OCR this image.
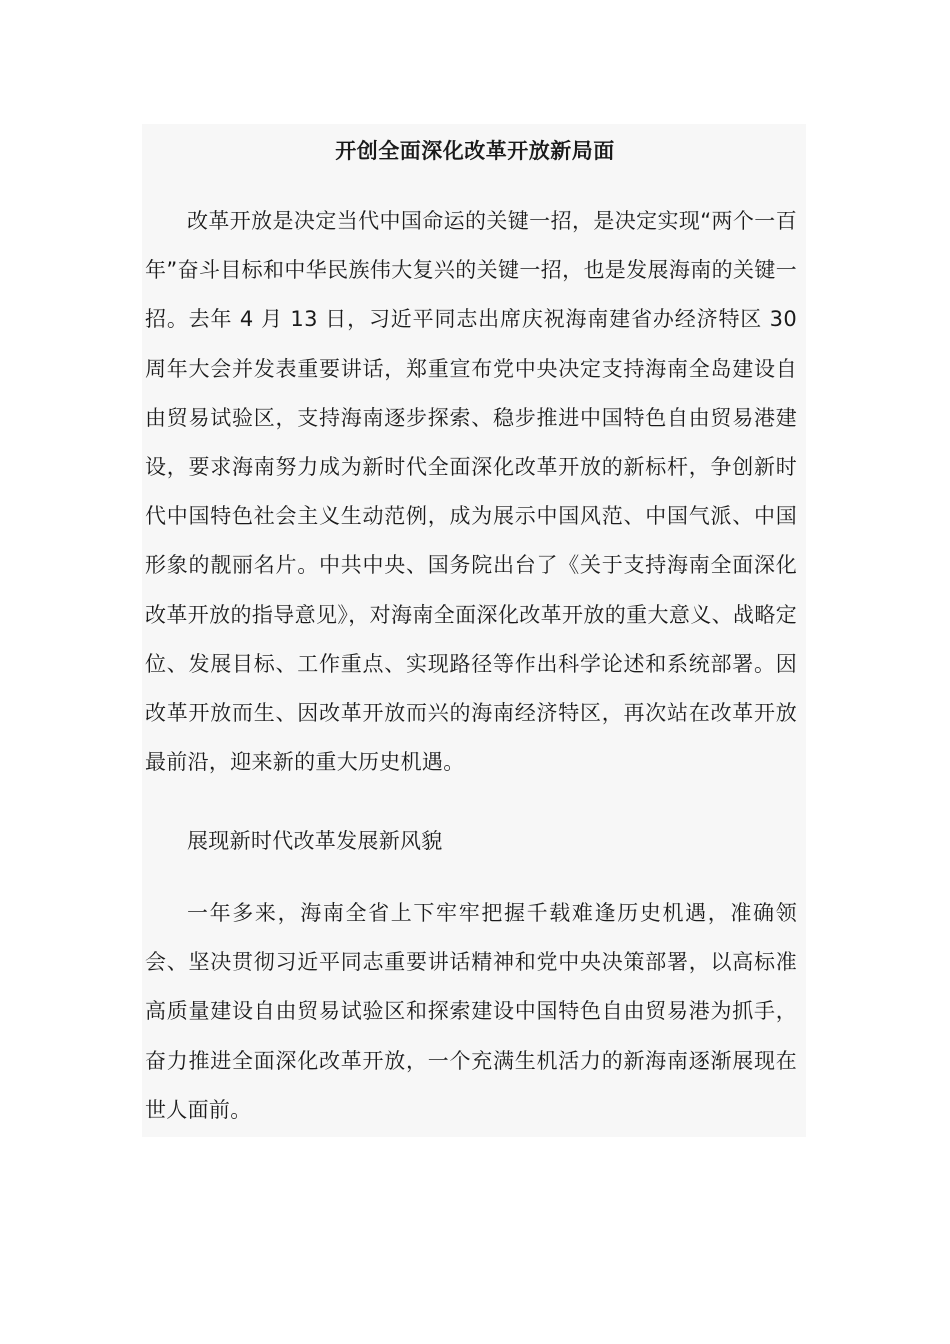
开创全面深化改革开放新局面

改革开放是决定当代中国命运的关键一招，是决定实现“两个一百年”奋斗目标和中华民族伟大复兴的关键一招，也是发展海南的关键一招。去年 4 月 13 日，习近平同志出席庆祝海南建省办经济特区 30 周年大会并发表重要讲话，郑重宣布党中央决定支持海南全岛建设自由贸易试验区，支持海南逐步探索、稳步推进中国特色自由贸易港建设，要求海南努力成为新时代全面深化改革开放的新标杆，争创新时代中国特色社会主义生动范例，成为展示中国风范、中国气派、中国形象的靓丽名片。中共中央、国务院出台了《关于支持海南全面深化改革开放的指导意见》，对海南全面深化改革开放的重大意义、战略定位、发展目标、工作重点、实现路径等作出科学论述和系统部署。因改革开放而生、因改革开放而兴的海南经济特区，再次站在改革开放最前沿，迎来新的重大历史机遇。

展现新时代改革发展新风貌

一年多来，海南全省上下牢牢把握千载难逢历史机遇，准确领会、坚决贯彻习近平同志重要讲话精神和党中央决策部署，以高标准高质量建设自由贸易试验区和探索建设中国特色自由贸易港为抓手，奋力推进全面深化改革开放，一个充满生机活力的新海南逐渐展现在世人面前。
